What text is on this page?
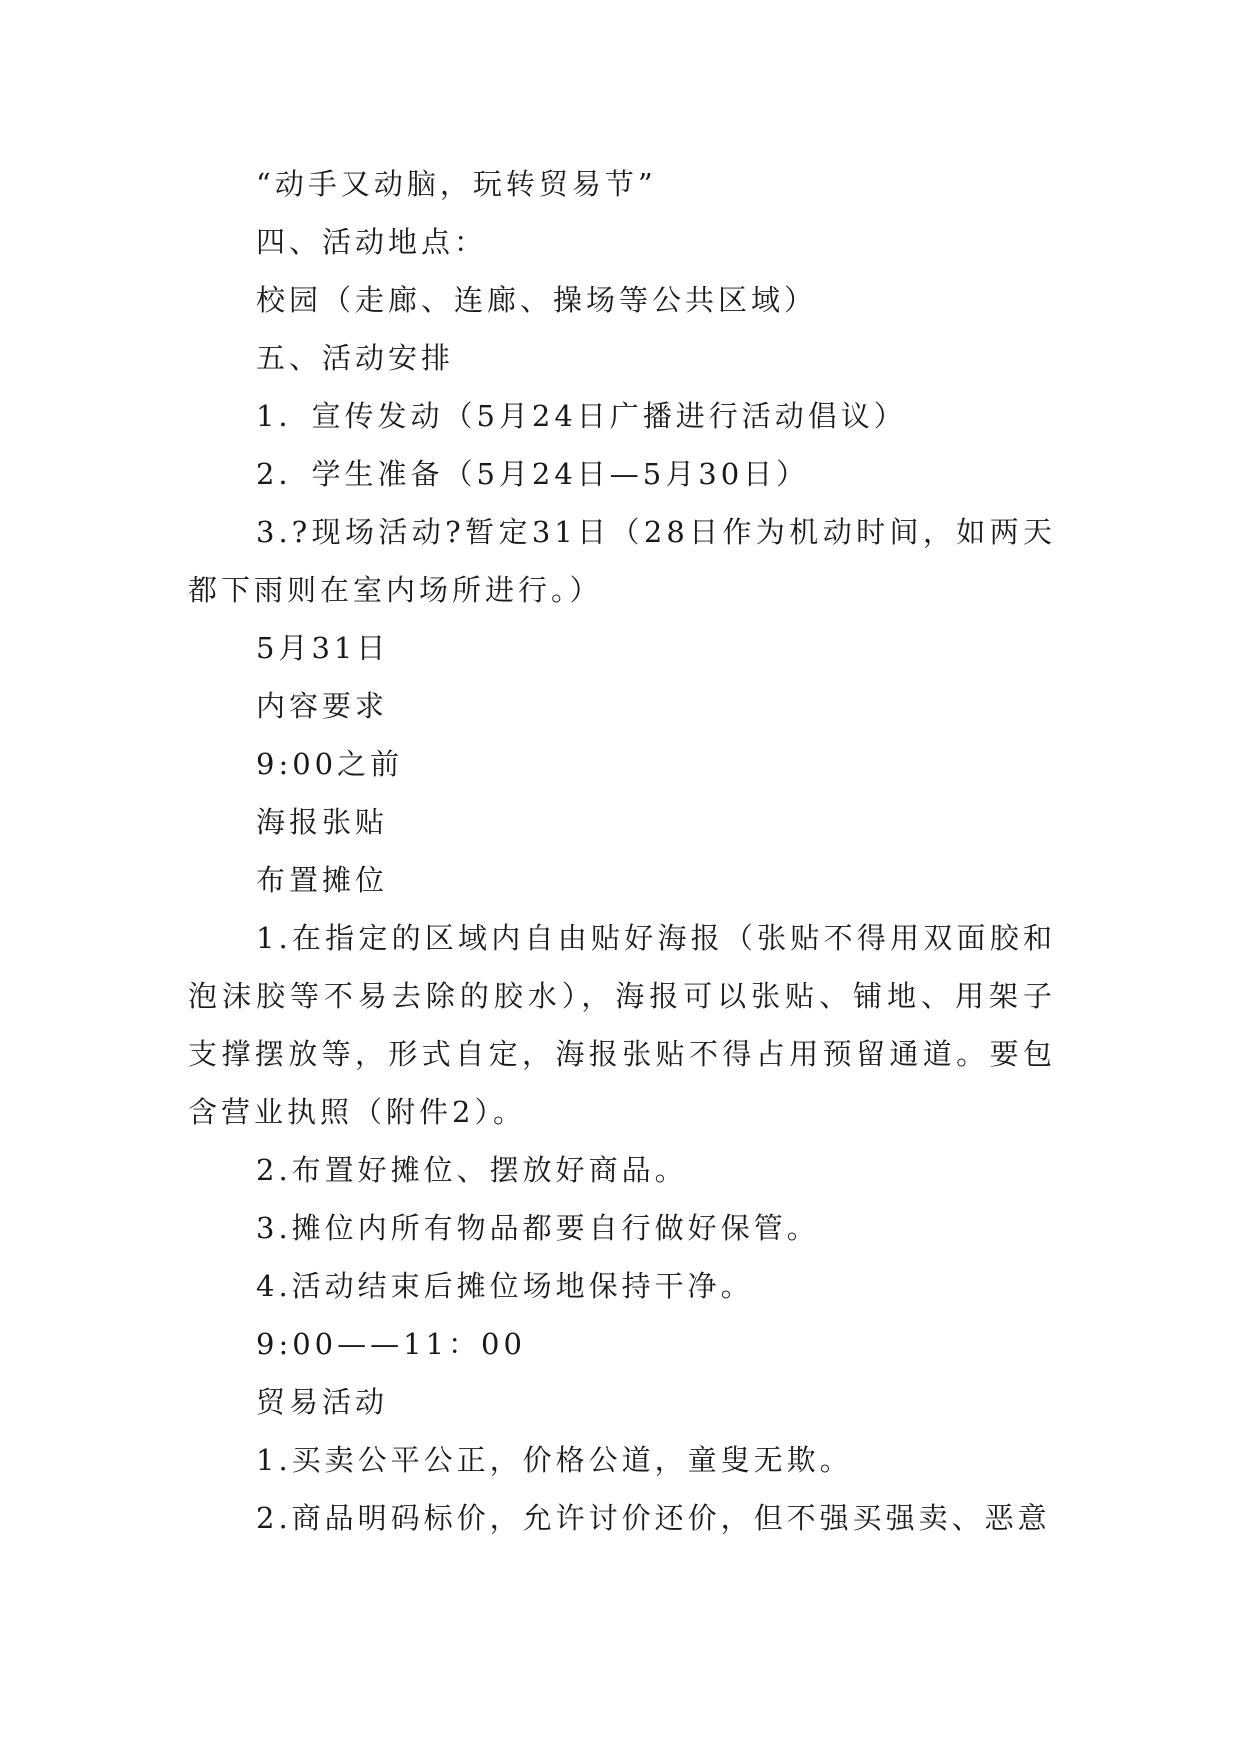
“动手又动脑，玩转贸易节”

四、活动地点：

校园（走廊、连廊、操场等公共区域）

五、活动安排

1．宣传发动（5月24日广播进行活动倡议）

2．学生准备（5月24日—5月30日）

3.?现场活动?暂定31日（28日作为机动时间，如两天都下雨则在室内场所进行。）

5月31日

内容要求

9:00之前

海报张贴

布置摊位

1.在指定的区域内自由贴好海报（张贴不得用双面胶和泡沫胶等不易去除的胶水），海报可以张贴、铺地、用架子支撑摆放等，形式自定，海报张贴不得占用预留通道。要包含营业执照（附件2）。

2.布置好摊位、摆放好商品。

3.摊位内所有物品都要自行做好保管。

4.活动结束后摊位场地保持干净。

9:00——11：00

贸易活动

1.买卖公平公正，价格公道，童叟无欺。

2.商品明码标价，允许讨价还价，但不强买强卖、恶意
